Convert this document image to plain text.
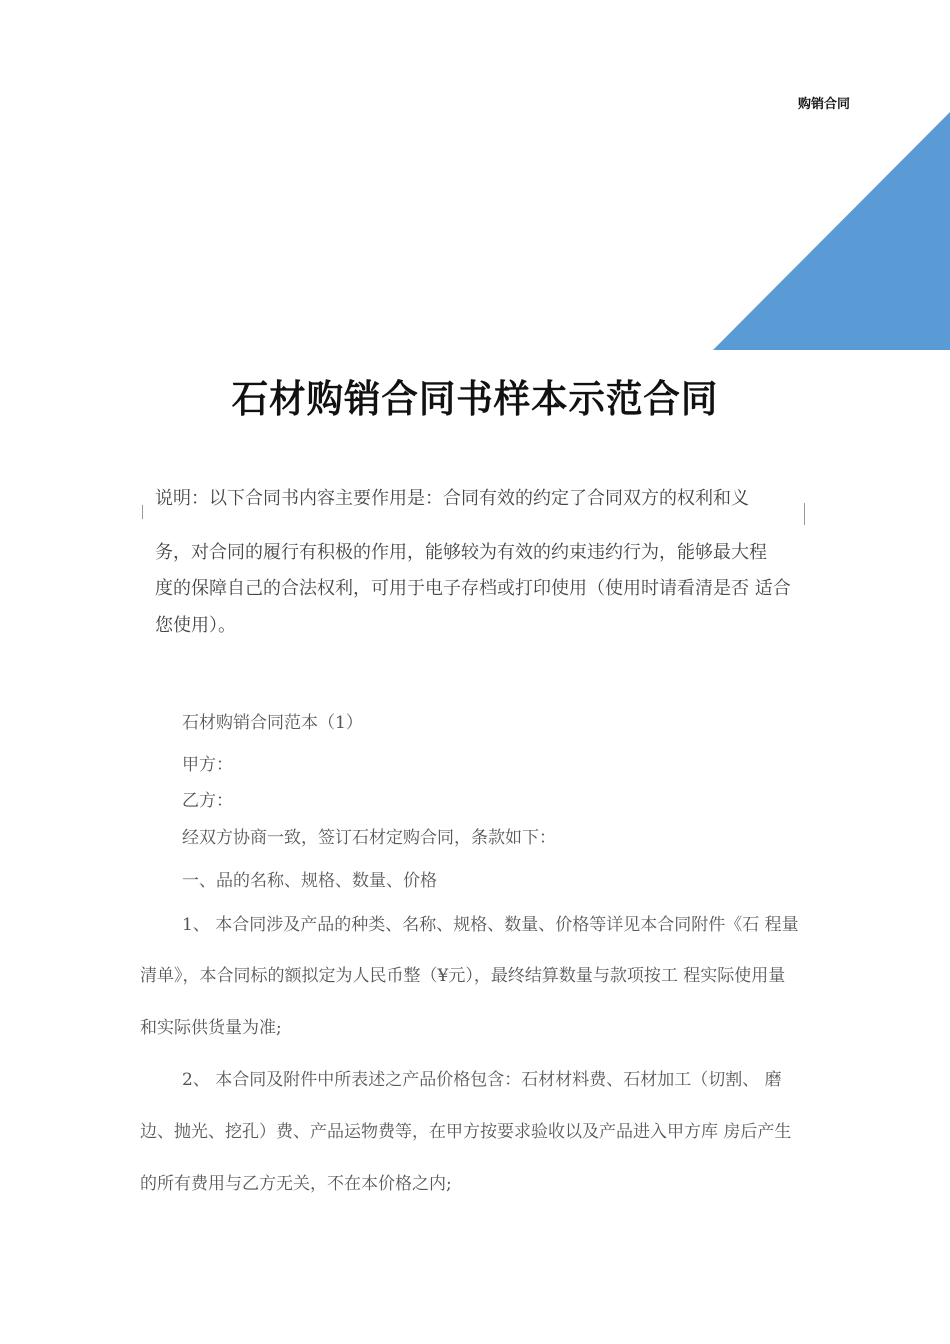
购销合同
石材购销合同书样本示范合同
说明：以下合同书内容主要作用是：合同有效的约定了合同双方的权利和义
务，对合同的履行有积极的作用，能够较为有效的约束违约行为，能够最大程
度的保障自己的合法权利，可用于电子存档或打印使用（使用时请看清是否 适合
您使用）。
石材购销合同范本（1）
甲方：
乙方：
经双方协商一致，签订石材定购合同，条款如下：
一、品的名称、规格、数量、价格
1、 本合同涉及产品的种类、名称、规格、数量、价格等详见本合同附件《石 程量
清单》，本合同标的额拟定为人民币整（¥元），最终结算数量与款项按工 程实际使用量
和实际供货量为准;
2、 本合同及附件中所表述之产品价格包含：石材材料费、石材加工（切割、 磨
边、抛光、挖孔）费、产品运物费等，在甲方按要求验收以及产品进入甲方库 房后产生
的所有费用与乙方无关，不在本价格之内;
